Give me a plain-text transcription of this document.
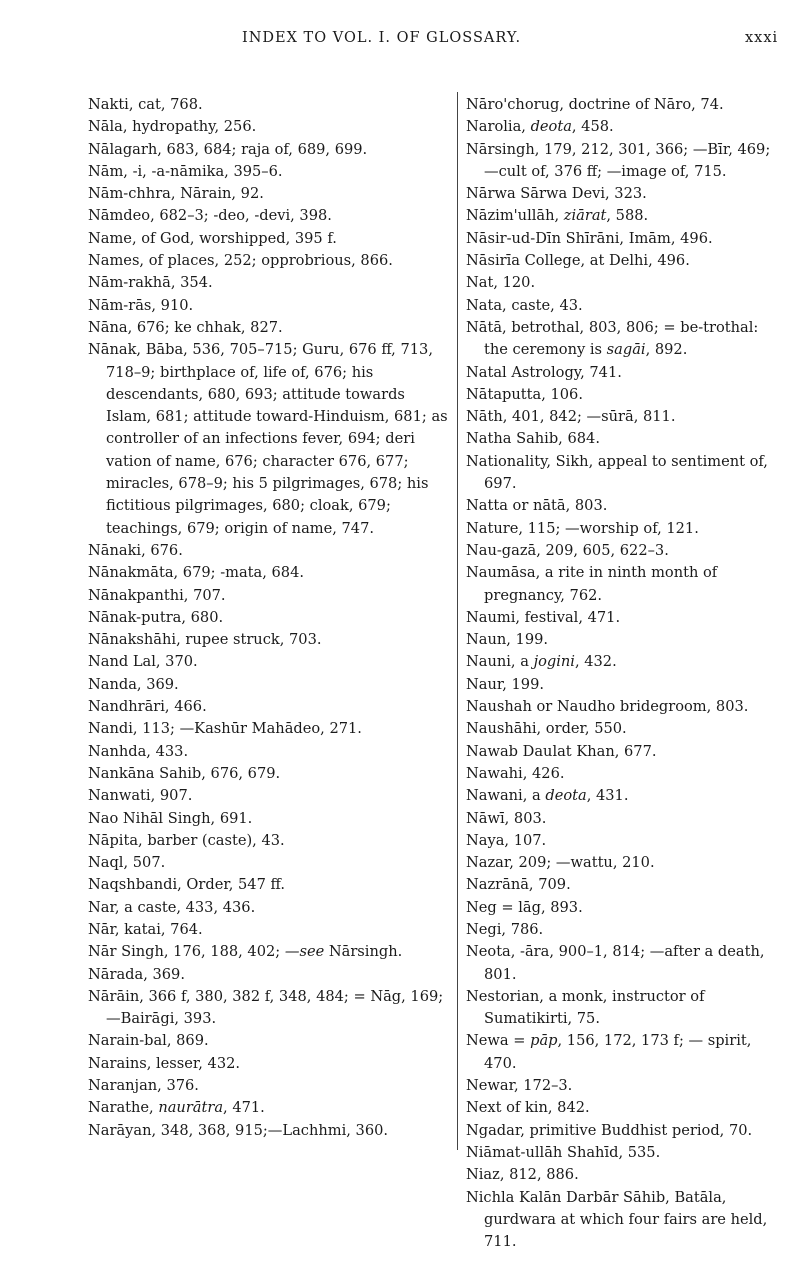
INDEX TO VOL. I. OF GLOSSARY.	xxxi

Nakti, cat, 768.

Nāla, hydropathy, 256.

Nālagarh, 683, 684; raja of, 689, 699.

Nām, -i, -a-nāmika, 395–6.

Nām-chhra, Nārain, 92.

Nāmdeo, 682–3; -deo, -devi, 398.

Name, of God, worshipped, 395 f.

Names, of places, 252; opprobrious, 866.

Nām-rakhā, 354.

Nām-rās, 910.

Nāna, 676; ke chhak, 827.

Nānak, Bāba, 536, 705–715; Guru, 676 ff, 713, 718–9; birthplace of, life of, 676; his descendants, 680, 693; attitude towards Islam, 681; attitude toward-Hinduism, 681; as controller of an infections fever, 694; deri vation of name, 676; character 676, 677; miracles, 678–9; his 5 pilgrimages, 678; his fictitious pilgrimages, 680; cloak, 679; teachings, 679; origin of name, 747.

Nānaki, 676.

Nānakmāta, 679; -mata, 684.

Nānakpanthi, 707.

Nānak-putra, 680.

Nānakshāhi, rupee struck, 703.

Nand Lal, 370.

Nanda, 369.

Nandhrāri, 466.

Nandi, 113; —Kashūr Mahādeo, 271.

Nanhda, 433.

Nankāna Sahib, 676, 679.

Nanwati, 907.

Nao Nihāl Singh, 691.

Nāpita, barber (caste), 43.

Naql, 507.

Naqshbandi, Order, 547 ff.

Nar, a caste, 433, 436.

Nār, katai, 764.

Nār Singh, 176, 188, 402; —see Nārsingh.

Nārada, 369.

Nārāin, 366 f, 380, 382 f, 348, 484; = Nāg, 169; —Bairāgi, 393.

Narain-bal, 869.

Narains, lesser, 432.

Naranjan, 376.

Narathe, naurātra, 471.

Narāyan, 348, 368, 915;—Lachhmi, 360.

Nāro'chorug, doctrine of Nāro, 74.

Narolia, deota, 458.

Nārsingh, 179, 212, 301, 366; —Bīr, 469; —cult of, 376 ff; —image of, 715.

Nārwa Sārwa Devi, 323.

Nāzim'ullāh, ziārat, 588.

Nāsir-ud-Dīn Shīrāni, Imām, 496.

Nāsirīa College, at Delhi, 496.

Nat, 120.

Nata, caste, 43.

Nātā, betrothal, 803, 806; = be-trothal: the ceremony is sagāi, 892.

Natal Astrology, 741.

Nātaputta, 106.

Nāth, 401, 842; —sūrā, 811.

Natha Sahib, 684.

Nationality, Sikh, appeal to sentiment of, 697.

Natta or nātā, 803.

Nature, 115; —worship of, 121.

Nau-gazā, 209, 605, 622–3.

Naumāsa, a rite in ninth month of pregnancy, 762.

Naumi, festival, 471.

Naun, 199.

Nauni, a jogini, 432.

Naur, 199.

Naushah or Naudho bridegroom, 803.

Naushāhi, order, 550.

Nawab Daulat Khan, 677.

Nawahi, 426.

Nawani, a deota, 431.

Nāwī, 803.

Naya, 107.

Nazar, 209; —wattu, 210.

Nazrānā, 709.

Neg = lāg, 893.

Negi, 786.

Neota, -āra, 900–1, 814; —after a death, 801.

Nestorian, a monk, instructor of Sumatikirti, 75.

Newa = pāp, 156, 172, 173 f; — spirit, 470.

Newar, 172–3.

Next of kin, 842.

Ngadar, primitive Buddhist period, 70.

Niāmat-ullāh Shahīd, 535.

Niaz, 812, 886.

Nichla Kalān Darbār Sāhib, Batāla, gurdwara at which four fairs are held, 711.
